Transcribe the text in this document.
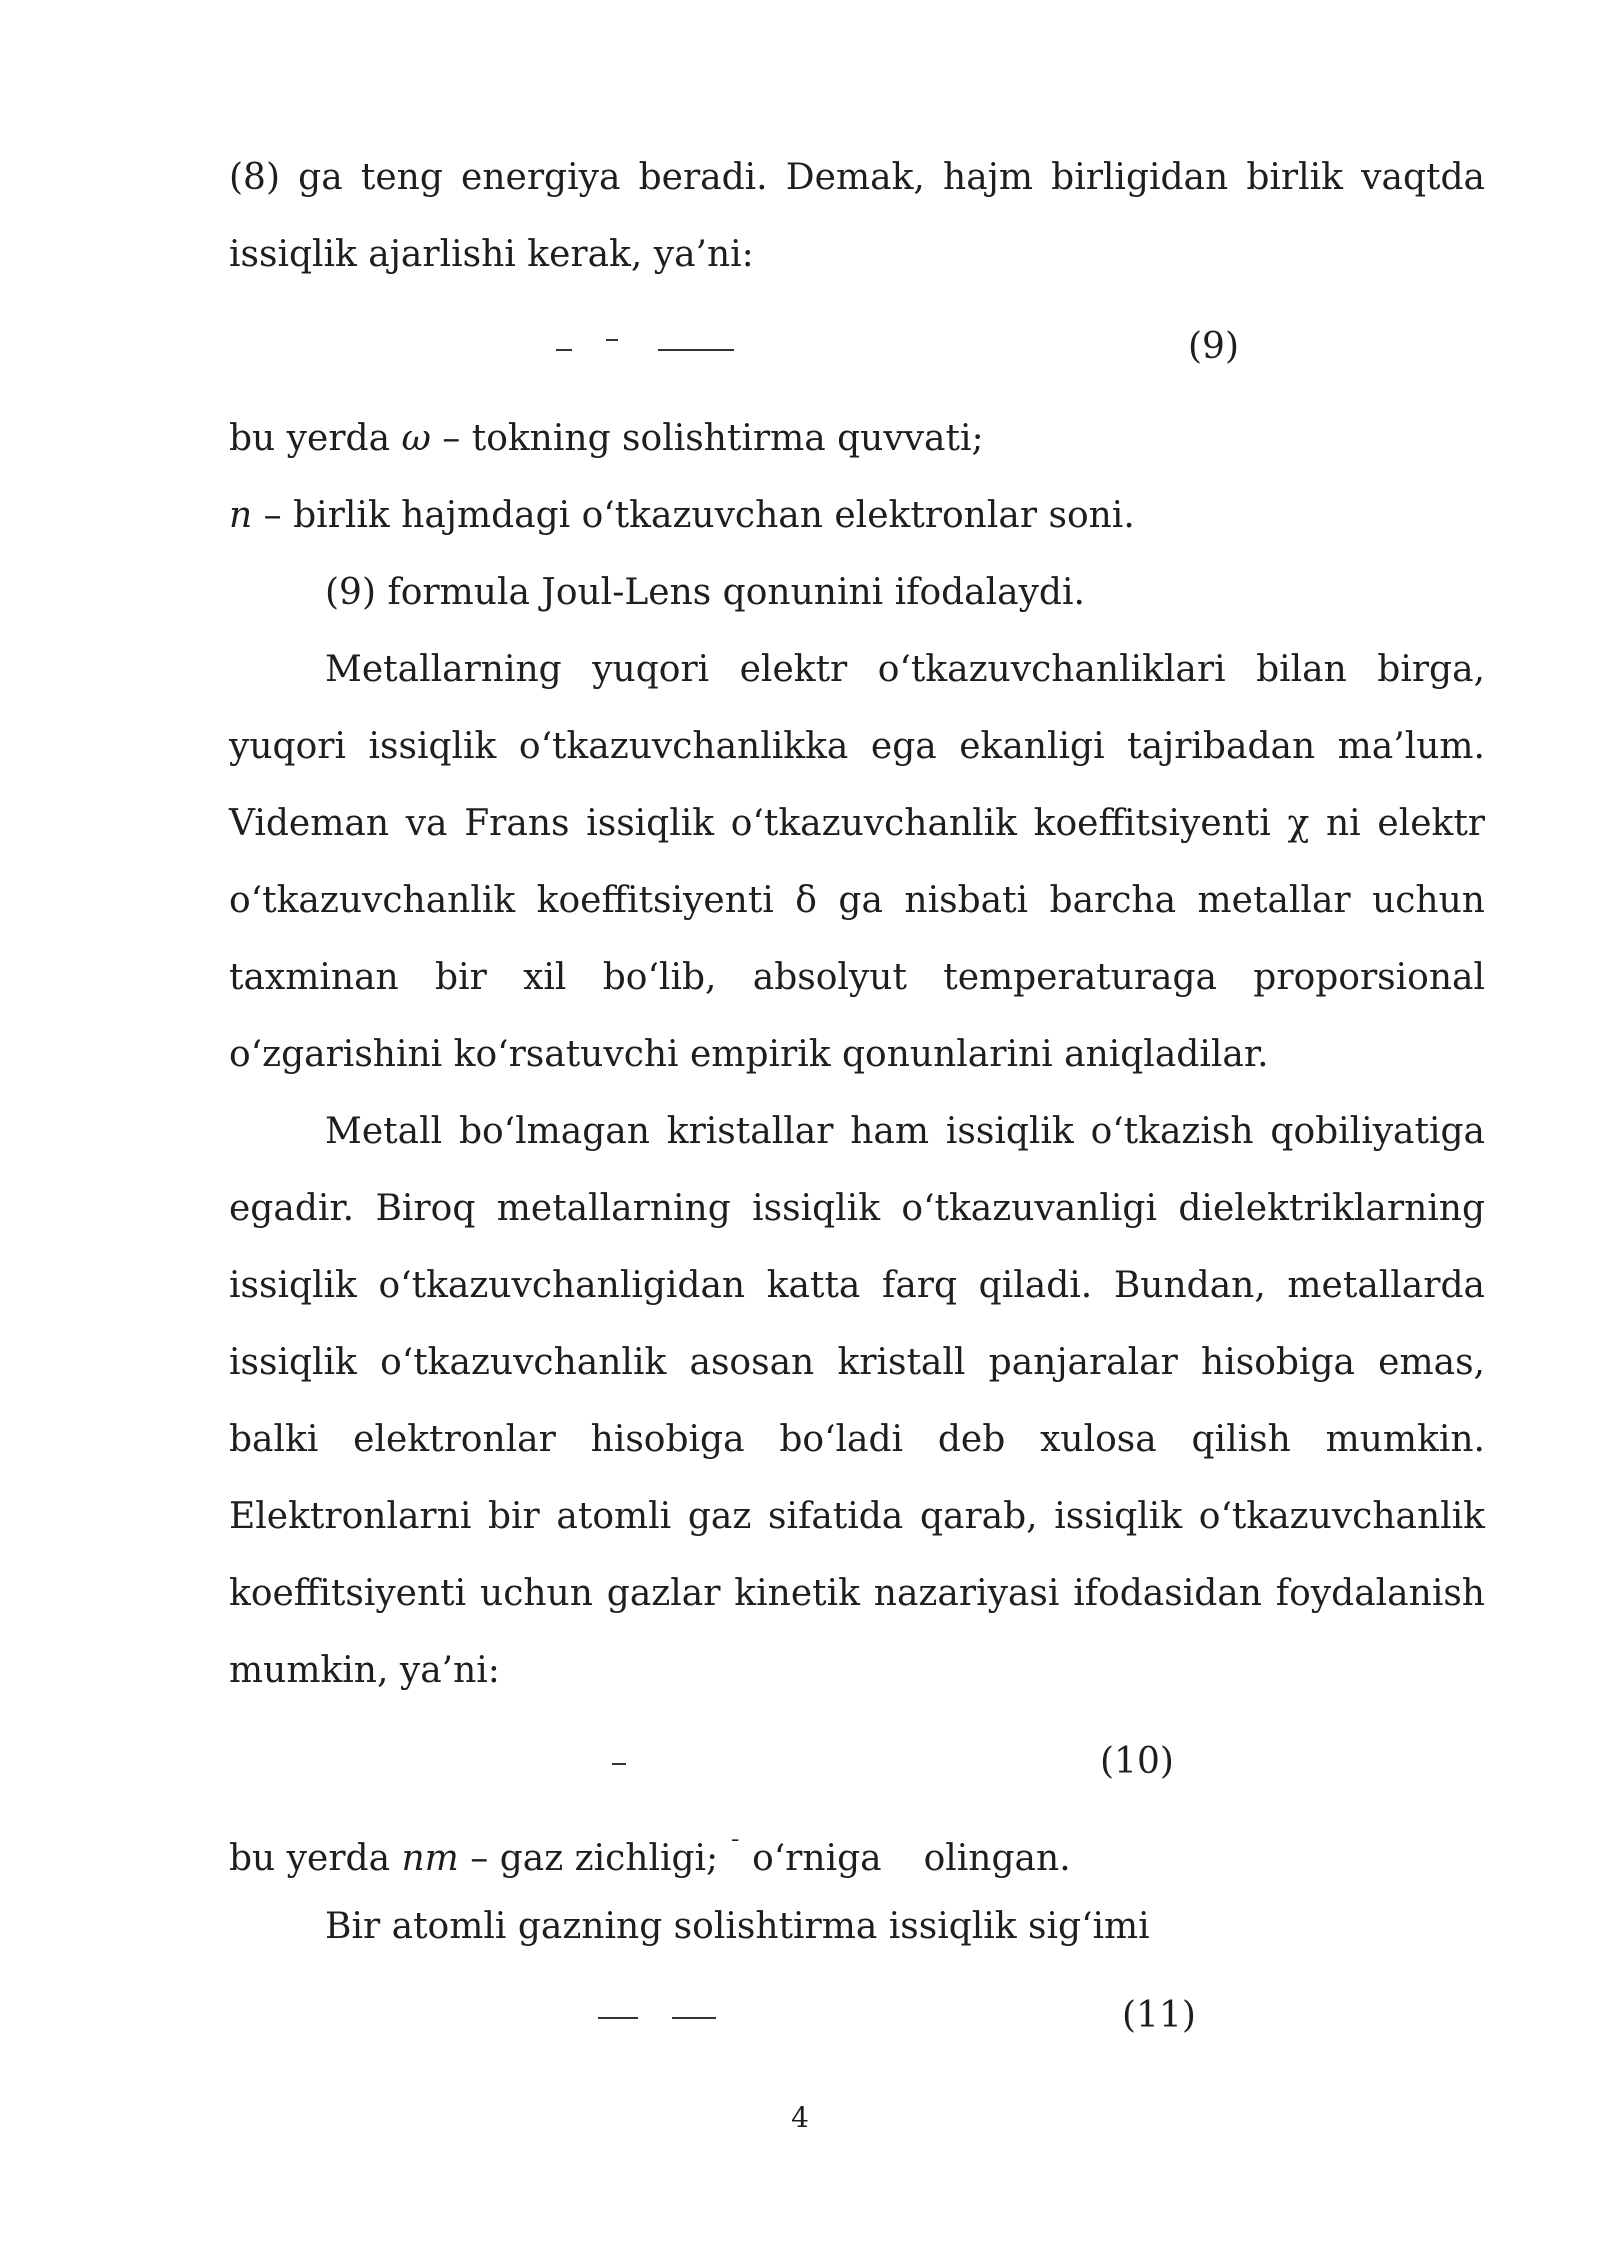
(8) ga teng energiya beradi. Demak, hajm birligidan birlik vaqtda
issiqlik ajarlishi kerak, ya’ni:
(9)
bu yerda ω – tokning solishtirma quvvati;
n – birlik hajmdagi o‘tkazuvchan elektronlar soni.
(9) formula Joul-Lens qonunini ifodalaydi.
Metallarning yuqori elektr o‘tkazuvchanliklari bilan birga,
yuqori issiqlik o‘tkazuvchanlikka ega ekanligi tajribadan ma’lum.
Videman va Frans issiqlik o‘tkazuvchanlik koeffitsiyenti χ ni elektr
o‘tkazuvchanlik koeffitsiyenti δ ga nisbati barcha metallar uchun
taxminan bir xil bo‘lib, absolyut temperaturaga proporsional
o‘zgarishini ko‘rsatuvchi empirik qonunlarini aniqladilar.
Metall bo‘lmagan kristallar ham issiqlik o‘tkazish qobiliyatiga
egadir. Biroq metallarning issiqlik o‘tkazuvanligi dielektriklarning
issiqlik o‘tkazuvchanligidan katta farq qiladi. Bundan, metallarda
issiqlik o‘tkazuvchanlik asosan kristall panjaralar hisobiga emas,
balki elektronlar hisobiga bo‘ladi deb xulosa qilish mumkin.
Elektronlarni bir atomli gaz sifatida qarab, issiqlik o‘tkazuvchanlik
koeffitsiyenti uchun gazlar kinetik nazariyasi ifodasidan foydalanish
mumkin, ya’ni:
(10)
bu yerda nm – gaz zichligi; ¯ o‘rniga olingan.
Bir atomli gazning solishtirma issiqlik sig‘imi
(11)
4
